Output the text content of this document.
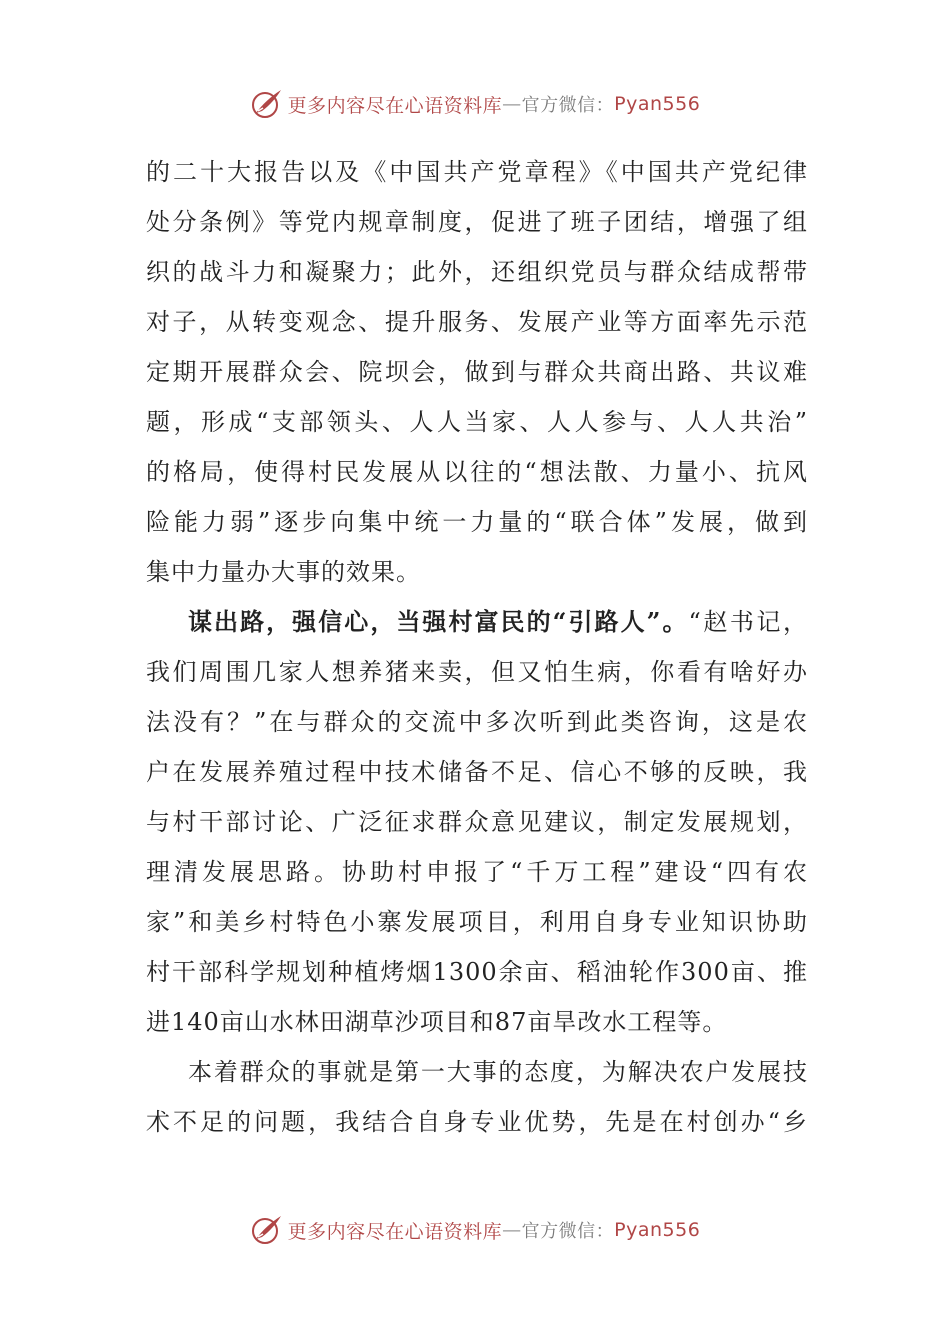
更多内容尽在心语资料库 — 官方微信： Pyan556
的二十大报告以及《中国共产党章程》《中国共产党纪律
处分条例》等党内规章制度，促进了班子团结，增强了组
织的战斗力和凝聚力；此外，还组织党员与群众结成帮带
对子，从转变观念、提升服务、发展产业等方面率先示范
定期开展群众会、院坝会，做到与群众共商出路、共议难
题，形成“支部领头、人人当家、人人参与、人人共治”
的格局，使得村民发展从以往的“想法散、力量小、抗风
险能力弱”逐步向集中统一力量的“联合体”发展，做到
集中力量办大事的效果。
谋出路，强信心，当强村富民的“引路人”。“赵书记，
我们周围几家人想养猪来卖，但又怕生病，你看有啥好办
法没有？”在与群众的交流中多次听到此类咨询，这是农
户在发展养殖过程中技术储备不足、信心不够的反映，我
与村干部讨论、广泛征求群众意见建议，制定发展规划，
理清发展思路。协助村申报了“千万工程”建设“四有农
家”和美乡村特色小寨发展项目，利用自身专业知识协助
村干部科学规划种植烤烟1300余亩、稻油轮作300亩、推
进140亩山水林田湖草沙项目和87亩旱改水工程等。
本着群众的事就是第一大事的态度，为解决农户发展技
术不足的问题，我结合自身专业优势，先是在村创办“乡
更多内容尽在心语资料库 — 官方微信： Pyan556
